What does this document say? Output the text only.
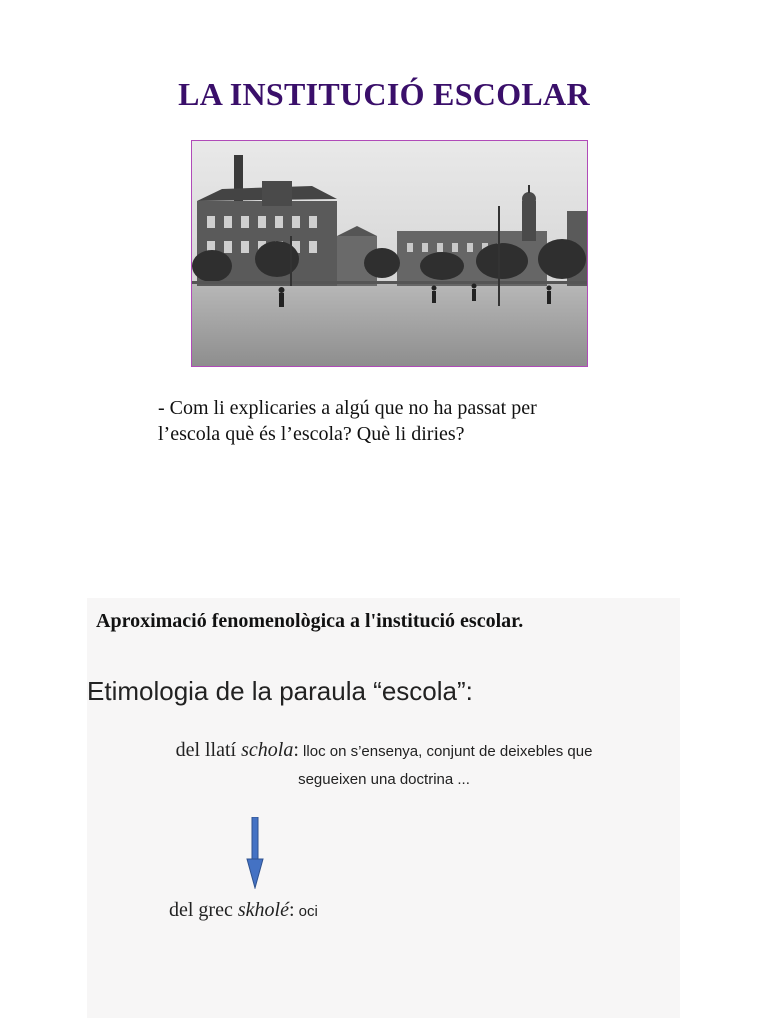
LA INSTITUCIÓ ESCOLAR

- Com li explicaries a algú que no ha passat per

l’escola què és l’escola? Què li diries?

Aproximació fenomenològica a l'institució escolar.
Etimologia de la paraula “escola”:
del llatí schola: lloc on s’ensenya, conjunt de deixebles que
segueixen una doctrina ...

del grec skholé: oci
